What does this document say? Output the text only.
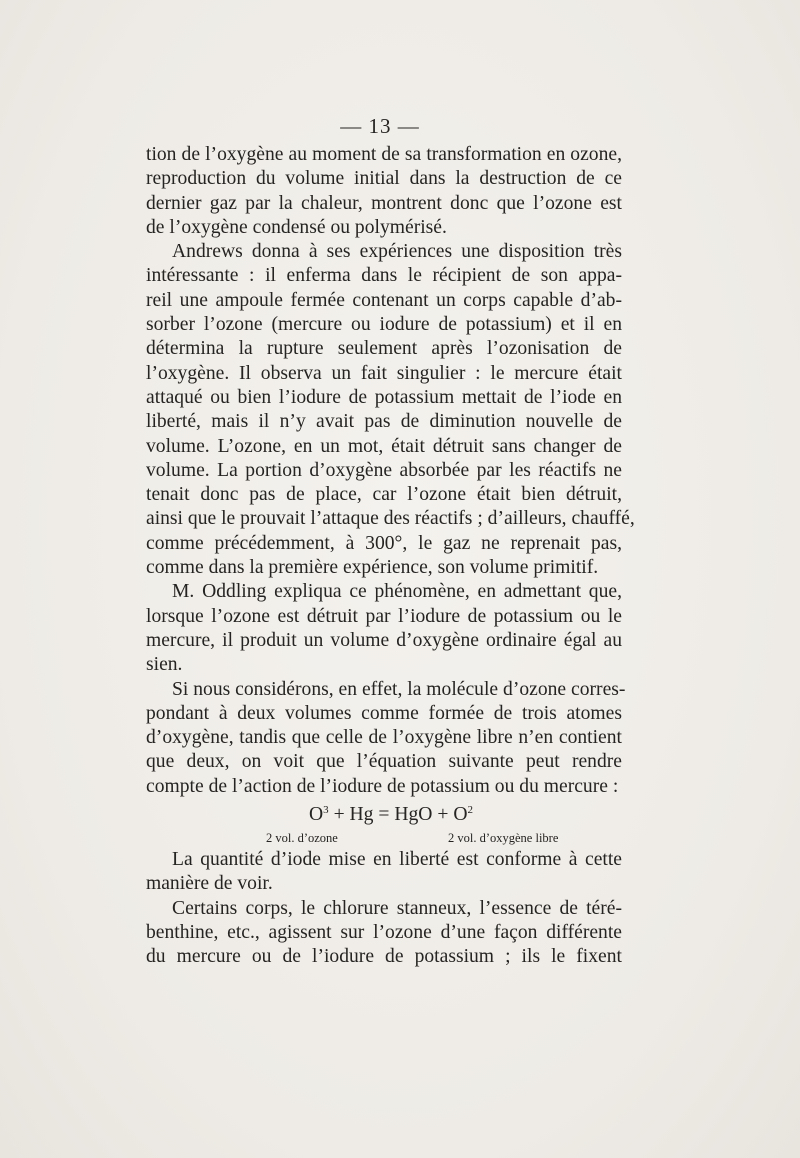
— 13 —
tion de l’oxygène au moment de sa transformation en ozone,
reproduction du volume initial dans la destruction de ce
dernier gaz par la chaleur, montrent donc que l’ozone est
de l’oxygène condensé ou polymérisé.
Andrews donna à ses expériences une disposition très
intéressante : il enferma dans le récipient de son appa-
reil une ampoule fermée contenant un corps capable d’ab-
sorber l’ozone (mercure ou iodure de potassium) et il en
détermina la rupture seulement après l’ozonisation de
l’oxygène. Il observa un fait singulier : le mercure était
attaqué ou bien l’iodure de potassium mettait de l’iode en
liberté, mais il n’y avait pas de diminution nouvelle de
volume. L’ozone, en un mot, était détruit sans changer de
volume. La portion d’oxygène absorbée par les réactifs ne
tenait donc pas de place, car l’ozone était bien détruit,
ainsi que le prouvait l’attaque des réactifs ; d’ailleurs, chauffé,
comme précédemment, à 300°, le gaz ne reprenait pas,
comme dans la première expérience, son volume primitif.
M. Oddling expliqua ce phénomène, en admettant que,
lorsque l’ozone est détruit par l’iodure de potassium ou le
mercure, il produit un volume d’oxygène ordinaire égal au
sien.
Si nous considérons, en effet, la molécule d’ozone corres-
pondant à deux volumes comme formée de trois atomes
d’oxygène, tandis que celle de l’oxygène libre n’en contient
que deux, on voit que l’équation suivante peut rendre
compte de l’action de l’iodure de potassium ou du mercure :
$O^3 + Hg$ = HgO + $O^2$
2 vol. d’ozone	2 vol. d’oxygène libre
La quantité d’iode mise en liberté est conforme à cette
manière de voir.
Certains corps, le chlorure stanneux, l’essence de téré-
benthine, etc., agissent sur l’ozone d’une façon différente
du mercure ou de l’iodure de potassium ; ils le fixent
